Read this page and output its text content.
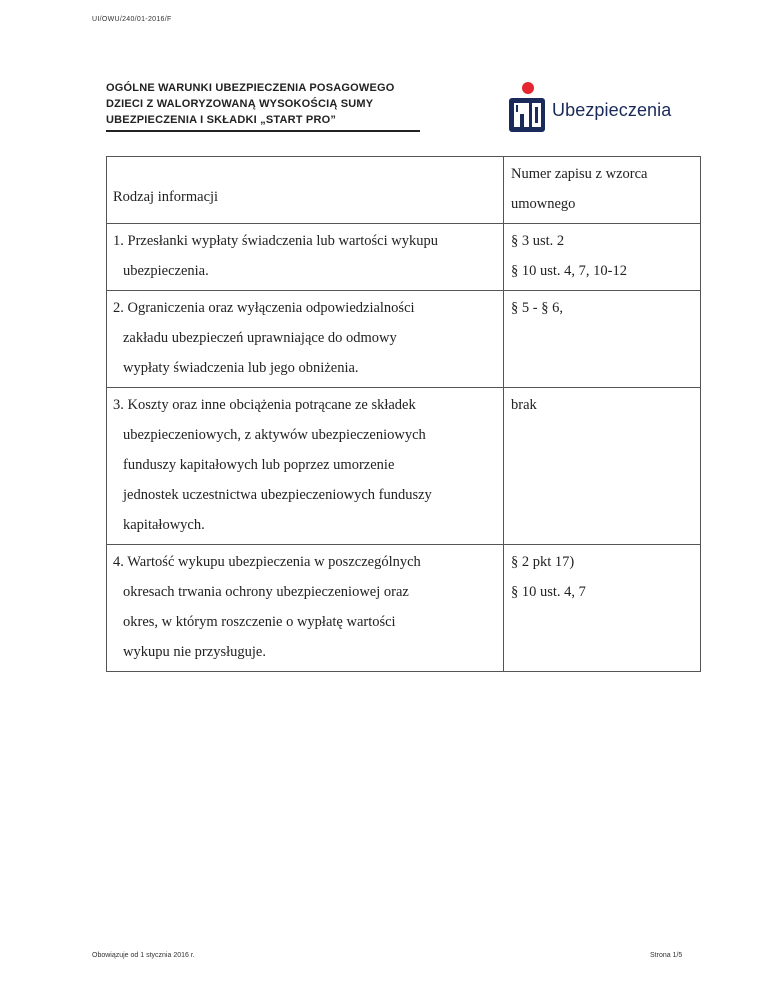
UI/OWU/240/01-2016/F
OGÓLNE WARUNKI UBEZPIECZENIA POSAGOWEGO
DZIECI Z WALORYZOWANĄ WYSOKOŚCIĄ SUMY
UBEZPIECZENIA I SKŁADKI „START PRO”	Ubezpieczenia
Rodzaj informacji	Numer zapisu z wzorca
umownego

1. Przesłanki wypłaty świadczenia lub wartości wykupu
ubezpieczenia.	§ 3 ust. 2
§ 10 ust. 4, 7, 10-12

2. Ograniczenia oraz wyłączenia odpowiedzialności
zakładu ubezpieczeń uprawniające do odmowy
wypłaty świadczenia lub jego obniżenia.	§ 5 - § 6,

3. Koszty oraz inne obciążenia potrącane ze składek
ubezpieczeniowych, z aktywów ubezpieczeniowych
funduszy kapitałowych lub poprzez umorzenie
jednostek uczestnictwa ubezpieczeniowych funduszy
kapitałowych.	brak

4. Wartość wykupu ubezpieczenia w poszczególnych
okresach trwania ochrony ubezpieczeniowej oraz
okres, w którym roszczenie o wypłatę wartości
wykupu nie przysługuje.	§ 2 pkt 17)
§ 10 ust. 4, 7
Obowiązuje od 1 stycznia 2016 r.	Strona 1/5
